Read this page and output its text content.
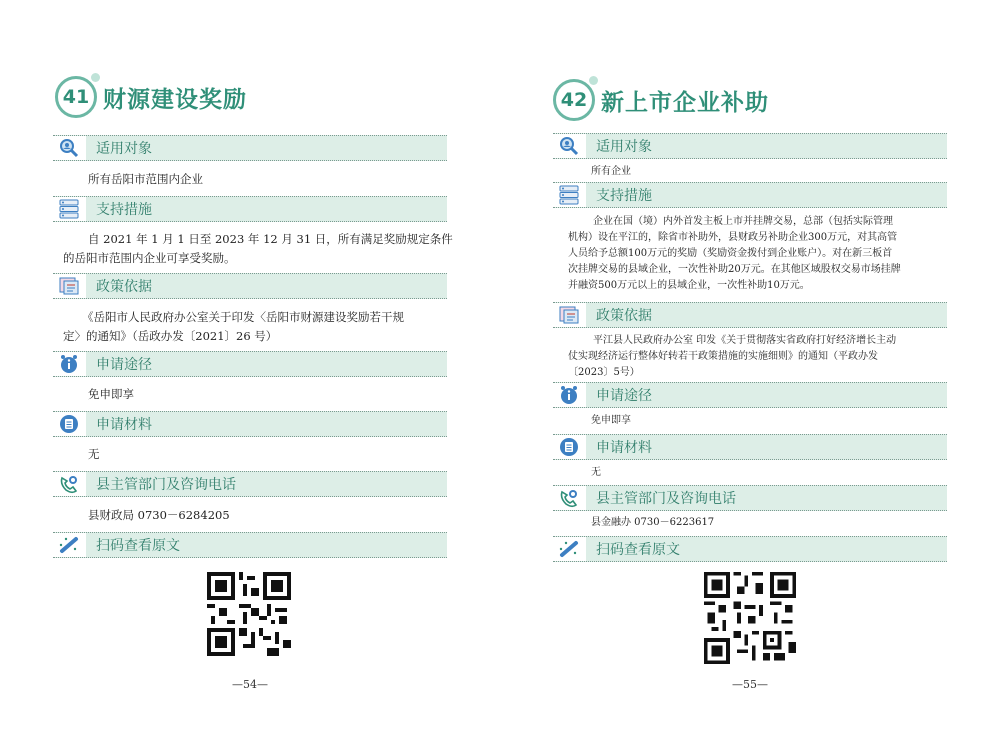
41 财源建设奖励
适用对象
所有岳阳市范围内企业
支持措施
自 2021 年 1 月 1 日至 2023 年 12 月 31 日，所有满足奖励规定条件
的岳阳市范围内企业可享受奖励。
政策依据
《岳阳市人民政府办公室关于印发〈岳阳市财源建设奖励若干规
定〉的通知》（岳政办发〔2021〕26 号）
申请途径
免申即享
申请材料
无
县主管部门及咨询电话
县财政局 0730－6284205
扫码查看原文
—54—
42 新上市企业补助
适用对象
所有企业
支持措施
企业在国（境）内外首发主板上市并挂牌交易，总部（包括实际管理
机构）设在平江的，除省市补助外，县财政另补助企业300万元，对其高管
人员给予总额100万元的奖励（奖励资金拨付到企业账户）。对在新三板首
次挂牌交易的县域企业，一次性补助20万元。在其他区域股权交易市场挂牌
并融资500万元以上的县域企业，一次性补助10万元。
政策依据
平江县人民政府办公室 印发《关于贯彻落实省政府打好经济增长主动
仗实现经济运行整体好转若干政策措施的实施细则》的通知（平政办发
〔2023〕5号）
申请途径
免申即享
申请材料
无
县主管部门及咨询电话
县金融办 0730－6223617
扫码查看原文
—55—
